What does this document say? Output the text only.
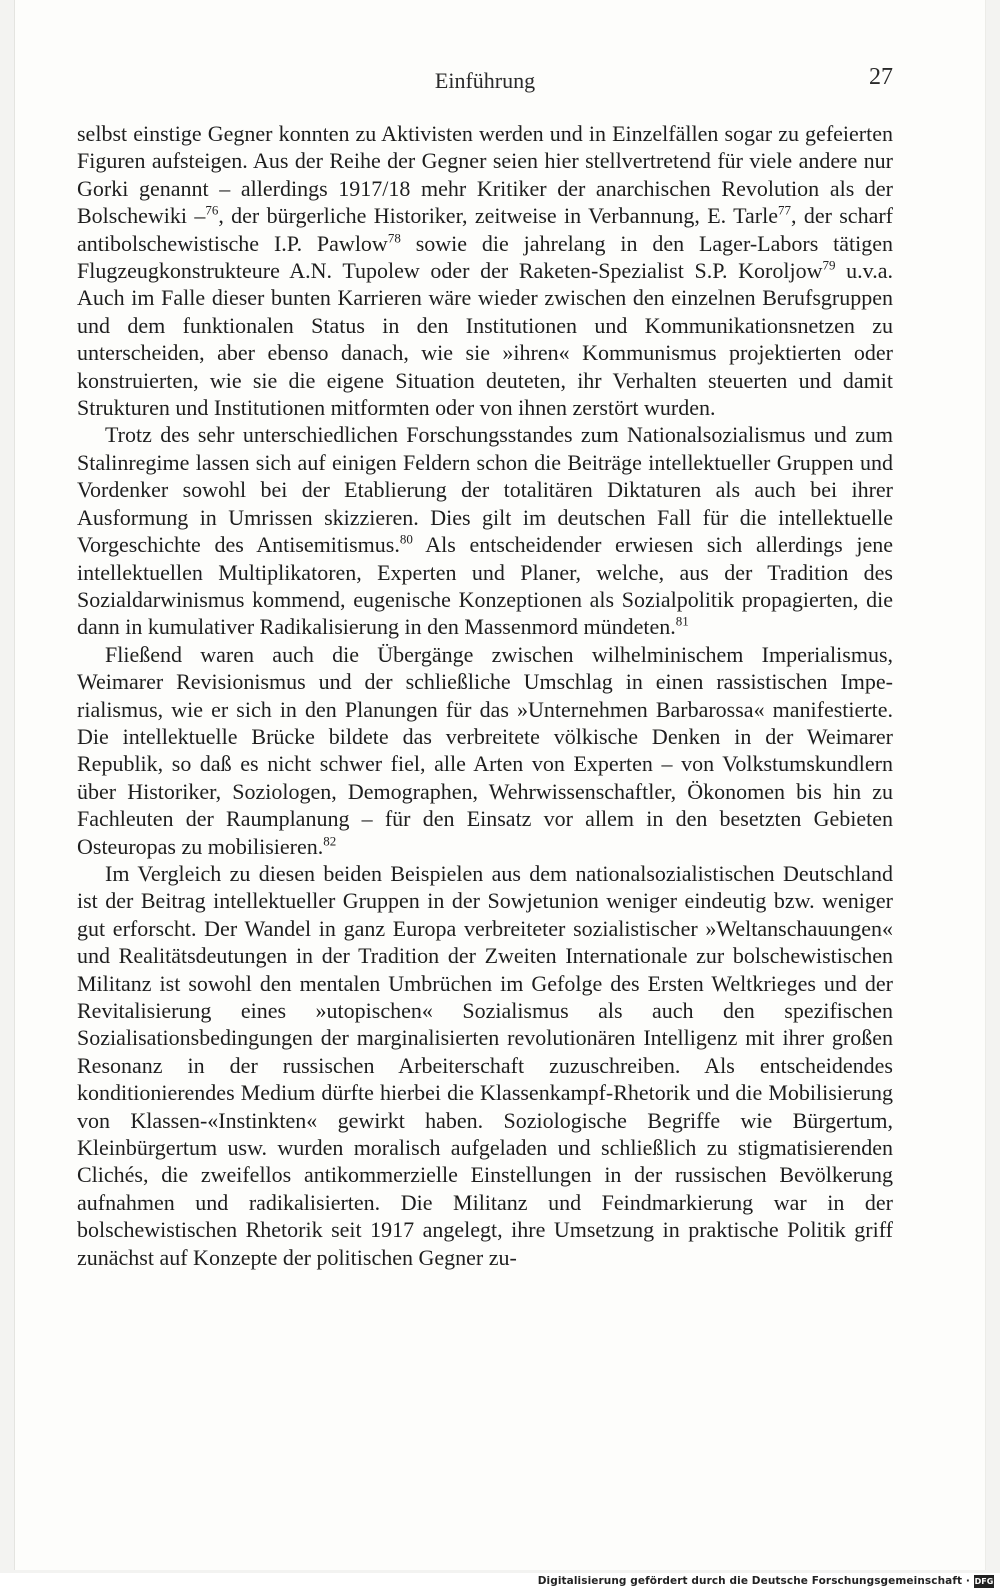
Einführung	27

selbst einstige Gegner konnten zu Aktivisten werden und in Einzelfällen sogar zu gefeierten Figuren aufsteigen. Aus der Reihe der Gegner seien hier stellvertretend für viele andere nur Gorki genannt – allerdings 1917/18 mehr Kritiker der anarchischen Revolution als der Bolschewiki –$^{76}$, der bürgerliche Historiker, zeitweise in Verbannung, E. Tarle$^{77}$, der scharf antibolschewistische I.P. Pawlow$^{78}$ sowie die jahrelang in den Lager-Labors tätigen Flugzeugkonstrukteure A.N. Tupolew oder der Raketen-Spezialist S.P. Koroljow$^{79}$ u.v.a. Auch im Falle dieser bunten Karrieren wäre wieder zwischen den einzelnen Berufsgruppen und dem funktionalen Status in den Institutionen und Kommunikationsnetzen zu unterscheiden, aber ebenso danach, wie sie »ihren« Kommunismus projektierten oder konstruierten, wie sie die eigene Situation deuteten, ihr Verhalten steuerten und damit Strukturen und Institutionen mitformten oder von ihnen zerstört wurden.

Trotz des sehr unterschiedlichen Forschungsstandes zum Nationalsozialismus und zum Stalinregime lassen sich auf einigen Feldern schon die Beiträge intellektueller Gruppen und Vordenker sowohl bei der Etablierung der totalitären Diktaturen als auch bei ihrer Ausformung in Umrissen skizzieren. Dies gilt im deutschen Fall für die intellektuelle Vorgeschichte des Antisemitismus.$^{80}$ Als entscheidender erwiesen sich allerdings jene intellektuellen Multiplikatoren, Experten und Planer, welche, aus der Tradition des Sozialdarwinismus kommend, eugenische Konzeptionen als Sozialpolitik propagierten, die dann in kumulativer Radikalisierung in den Massenmord mündeten.$^{81}$

Fließend waren auch die Übergänge zwischen wilhelminischem Imperialismus, Weimarer Revisionismus und der schließliche Umschlag in einen rassistischen Imperialismus, wie er sich in den Planungen für das »Unternehmen Barbarossa« manifestierte. Die intellektuelle Brücke bildete das verbreitete völkische Denken in der Weimarer Republik, so daß es nicht schwer fiel, alle Arten von Experten – von Volkstumskundlern über Historiker, Soziologen, Demographen, Wehrwissenschaftler, Ökonomen bis hin zu Fachleuten der Raumplanung – für den Einsatz vor allem in den besetzten Gebieten Osteuropas zu mobilisieren.$^{82}$

Im Vergleich zu diesen beiden Beispielen aus dem nationalsozialistischen Deutschland ist der Beitrag intellektueller Gruppen in der Sowjetunion weniger eindeutig bzw. weniger gut erforscht. Der Wandel in ganz Europa verbreiteter sozialistischer »Weltanschauungen« und Realitätsdeutungen in der Tradition der Zweiten Internationale zur bolschewistischen Militanz ist sowohl den mentalen Umbrüchen im Gefolge des Ersten Weltkrieges und der Revitalisierung eines »utopischen« Sozialismus als auch den spezifischen Sozialisationsbedingungen der marginalisierten revolutionären Intelligenz mit ihrer großen Resonanz in der russischen Arbeiterschaft zuzuschreiben. Als entscheidendes konditionierendes Medium dürfte hierbei die Klassenkampf-Rhetorik und die Mobilisierung von Klassen-«Instinkten« gewirkt haben. Soziologische Begriffe wie Bürgertum, Kleinbürgertum usw. wurden moralisch aufgeladen und schließlich zu stigmatisierenden Clichés, die zweifellos antikommerzielle Einstellungen in der russischen Bevölkerung aufnahmen und radikalisierten. Die Militanz und Feindmarkierung war in der bolschewistischen Rhetorik seit 1917 angelegt, ihre Umsetzung in praktische Politik griff zunächst auf Konzepte der politischen Gegner zu-

Digitalisierung gefördert durch die Deutsche Forschungsgemeinschaft · DFG
